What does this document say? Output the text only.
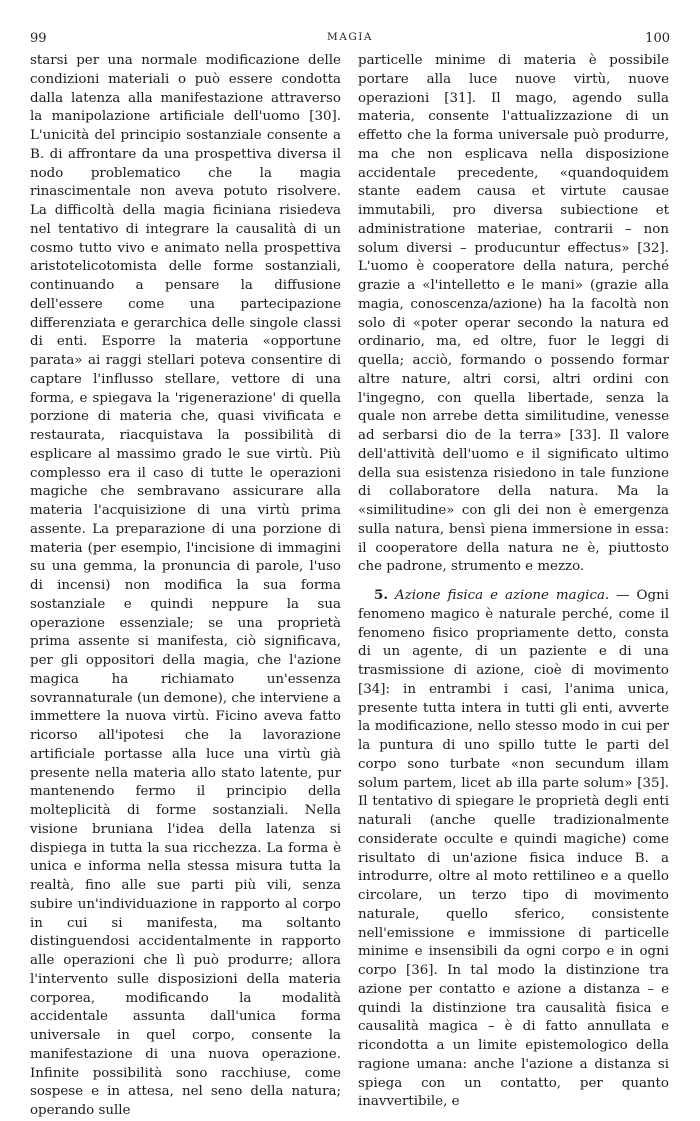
99	MAGIA	100

starsi per una normale modificazione delle condizioni materiali o può essere condotta dalla latenza alla manifestazione attraverso la manipolazione artificiale dell'uomo [30]. L'unicità del principio sostanziale consente a B. di affrontare da una prospettiva diversa il nodo problematico che la magia rinascimentale non aveva potuto risolvere. La difficoltà della magia ficiniana risiedeva nel tentativo di integrare la causalità di un cosmo tutto vivo e animato nella prospettiva aristotelicotomista delle forme sostanziali, continuando a pensare la diffusione dell'essere come una partecipazione differenziata e gerarchica delle singole classi di enti. Esporre la materia «opportune parata» ai raggi stellari poteva consentire di captare l'influsso stellare, vettore di una forma, e spiegava la 'rigenerazione' di quella porzione di materia che, quasi vivificata e restaurata, riacquistava la possibilità di esplicare al massimo grado le sue virtù. Più complesso era il caso di tutte le operazioni magiche che sembravano assicurare alla materia l'acquisizione di una virtù prima assente. La preparazione di una porzione di materia (per esempio, l'incisione di immagini su una gemma, la pronuncia di parole, l'uso di incensi) non modifica la sua forma sostanziale e quindi neppure la sua operazione essenziale; se una proprietà prima assente si manifesta, ciò significava, per gli oppositori della magia, che l'azione magica ha richiamato un'essenza sovrannaturale (un demone), che interviene a immettere la nuova virtù. Ficino aveva fatto ricorso all'ipotesi che la lavorazione artificiale portasse alla luce una virtù già presente nella materia allo stato latente, pur mantenendo fermo il principio della molteplicità di forme sostanziali. Nella visione bruniana l'idea della latenza si dispiega in tutta la sua ricchezza. La forma è unica e informa nella stessa misura tutta la realtà, fino alle sue parti più vili, senza subire un'individuazione in rapporto al corpo in cui si manifesta, ma soltanto distinguendosi accidentalmente in rapporto alle operazioni che lì può produrre; allora l'intervento sulle disposizioni della materia corporea, modificando la modalità accidentale assunta dall'unica forma universale in quel corpo, consente la manifestazione di una nuova operazione. Infinite possibilità sono racchiuse, come sospese e in attesa, nel seno della natura; operando sulle

particelle minime di materia è possibile portare alla luce nuove virtù, nuove operazioni [31]. Il mago, agendo sulla materia, consente l'attualizzazione di un effetto che la forma universale può produrre, ma che non esplicava nella disposizione accidentale precedente, «quandoquidem stante eadem causa et virtute causae immutabili, pro diversa subiectione et administratione materiae, contrarii – non solum diversi – producuntur effectus» [32]. L'uomo è cooperatore della natura, perché grazie a «l'intelletto e le mani» (grazie alla magia, conoscenza/azione) ha la facoltà non solo di «poter operar secondo la natura ed ordinario, ma, ed oltre, fuor le leggi di quella; acciò, formando o possendo formar altre nature, altri corsi, altri ordini con l'ingegno, con quella libertade, senza la quale non arrebe detta similitudine, venesse ad serbarsi dio de la terra» [33]. Il valore dell'attività dell'uomo e il significato ultimo della sua esistenza risiedono in tale funzione di collaboratore della natura. Ma la «similitudine» con gli dei non è emergenza sulla natura, bensì piena immersione in essa: il cooperatore della natura ne è, piuttosto che padrone, strumento e mezzo.

5. Azione fisica e azione magica. — Ogni fenomeno magico è naturale perché, come il fenomeno fisico propriamente detto, consta di un agente, di un paziente e di una trasmissione di azione, cioè di movimento [34]: in entrambi i casi, l'anima unica, presente tutta intera in tutti gli enti, avverte la modificazione, nello stesso modo in cui per la puntura di uno spillo tutte le parti del corpo sono turbate «non secundum illam solum partem, licet ab illa parte solum» [35]. Il tentativo di spiegare le proprietà degli enti naturali (anche quelle tradizionalmente considerate occulte e quindi magiche) come risultato di un'azione fisica induce B. a introdurre, oltre al moto rettilineo e a quello circolare, un terzo tipo di movimento naturale, quello sferico, consistente nell'emissione e immissione di particelle minime e insensibili da ogni corpo e in ogni corpo [36]. In tal modo la distinzione tra azione per contatto e azione a distanza – e quindi la distinzione tra causalità fisica e causalità magica – è di fatto annullata e ricondotta a un limite epistemologico della ragione umana: anche l'azione a distanza si spiega con un contatto, per quanto inavvertibile, e
